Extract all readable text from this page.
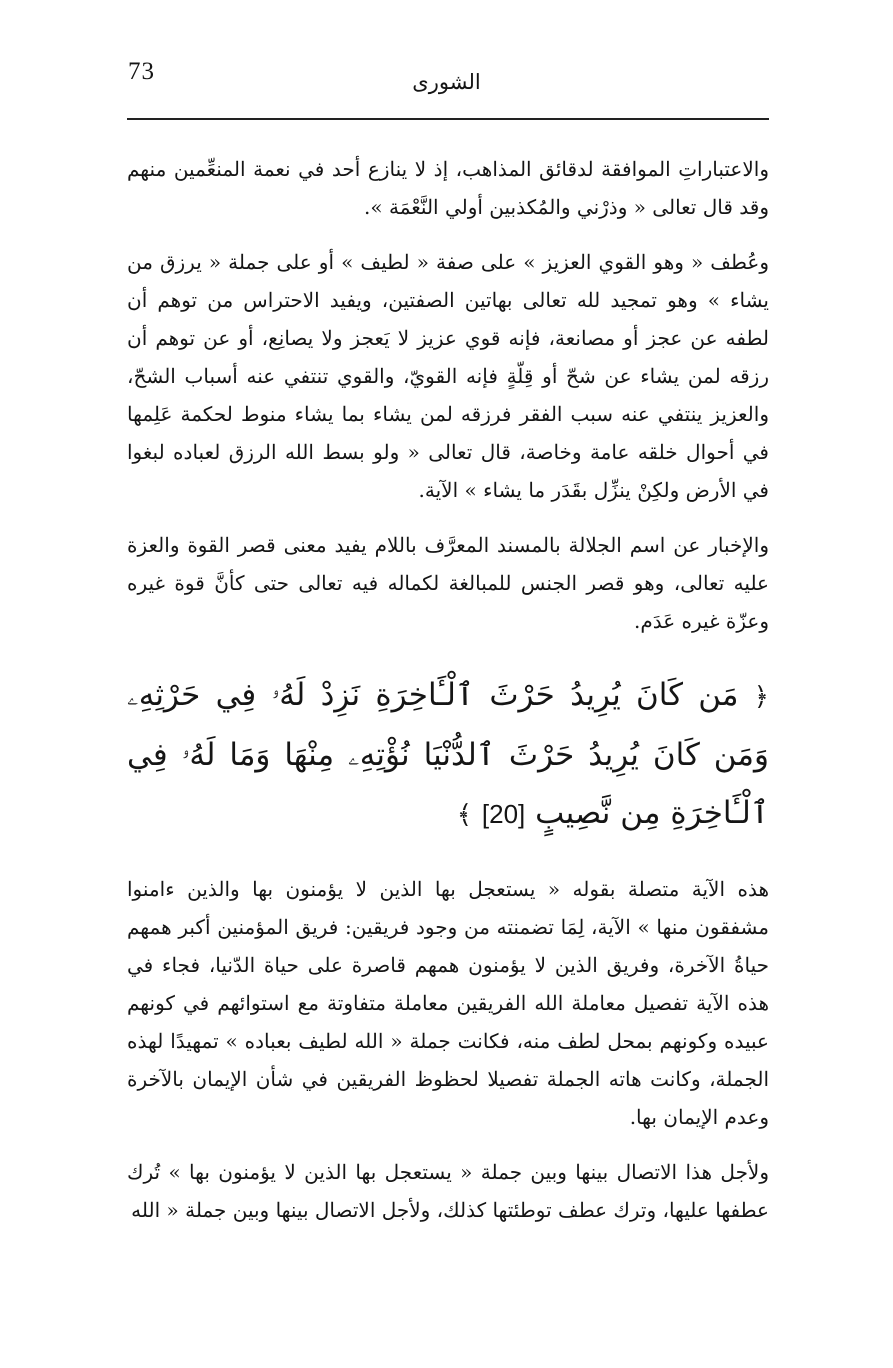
73	الشورى

والاعتباراتِ الموافقة لدقائق المذاهب، إذ لا ينازع أحد في نعمة المنعِّمين منهم وقد قال تعالى « وذرْني والمُكذبين أولي النَّعْمَة ».

وعُطف « وهو القوي العزيز » على صفة « لطيف » أو على جملة « يرزق من يشاء » وهو تمجيد لله تعالى بهاتين الصفتين، ويفيد الاحتراس من توهم أن لطفه عن عجز أو مصانعة، فإنه قوي عزيز لا يَعجز ولا يصانِع، أو عن توهم أن رزقه لمن يشاء عن شحّ أو قِلّةٍ فإنه القويّ، والقوي تنتفي عنه أسباب الشحّ، والعزيز ينتفي عنه سبب الفقر فرزقه لمن يشاء بما يشاء منوط لحكمة عَلِمها في أحوال خلقه عامة وخاصة، قال تعالى « ولو بسط الله الرزق لعباده لبغوا في الأرض ولكِنْ ينزِّل بقَدَر ما يشاء » الآية.

والإخبار عن اسم الجلالة بالمسند المعرَّف باللام يفيد معنى قصر القوة والعزة عليه تعالى، وهو قصر الجنس للمبالغة لكماله فيه تعالى حتى كأنَّ قوة غيره وعزّة غيره عَدَم.

﴿ مَن كَانَ يُرِيدُ حَرْثَ ٱلْـَٔاخِرَةِ نَزِدْ لَهُۥ فِي حَرْثِهِۦ وَمَن كَانَ يُرِيدُ حَرْثَ ٱلدُّنْيَا نُؤْتِهِۦ مِنْهَا وَمَا لَهُۥ فِي ٱلْـَٔاخِرَةِ مِن نَّصِيبٍ [20] ﴾

هذه الآية متصلة بقوله « يستعجل بها الذين لا يؤمنون بها والذين ءامنوا مشفقون منها » الآية، لِمَا تضمنته من وجود فريقين: فريق المؤمنين أكبر همهم حياةُ الآخرة، وفريق الذين لا يؤمنون همهم قاصرة على حياة الدّنيا، فجاء في هذه الآية تفصيل معاملة الله الفريقين معاملة متفاوتة مع استوائهم في كونهم عبيده وكونهم بمحل لطف منه، فكانت جملة « الله لطيف بعباده » تمهيدًا لهذه الجملة، وكانت هاته الجملة تفصيلا لحظوظ الفريقين في شأن الإيمان بالآخرة وعدم الإيمان بها.

ولأجل هذا الاتصال بينها وبين جملة « يستعجل بها الذين لا يؤمنون بها » تُرك عطفها عليها، وترك عطف توطئتها كذلك، ولأجل الاتصال بينها وبين جملة « الله
